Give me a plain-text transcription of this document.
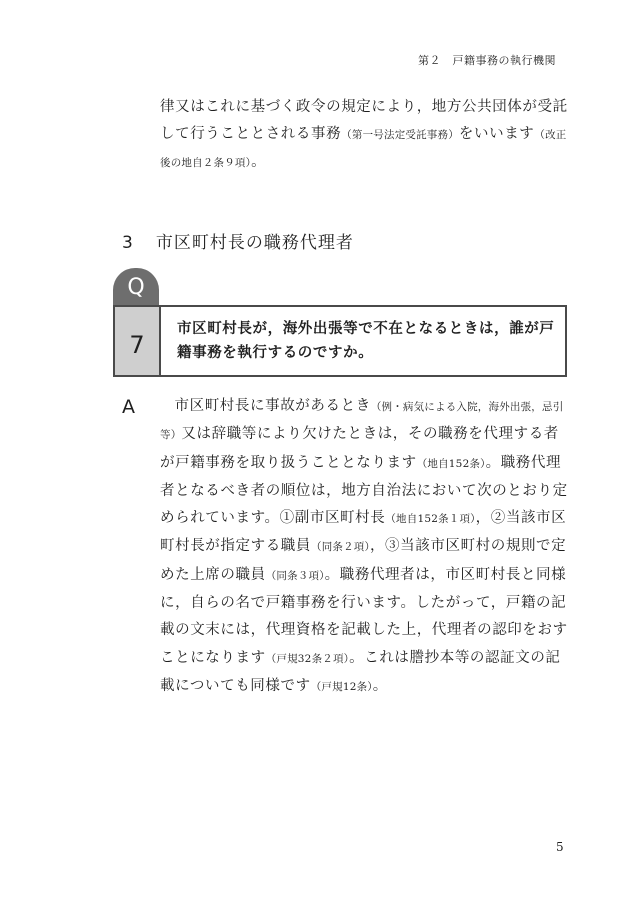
第２　戸籍事務の執行機関

律又はこれに基づく政令の規定により，地方公共団体が受託して行うこととされる事務（第一号法定受託事務）をいいます（改正後の地自２条９項）。

3 市区町村長の職務代理者
Q
7

市区町村長が，海外出張等で不在となるときは，誰が戸籍事務を執行するのですか。

A	市区町村長に事故があるとき（例・病気による入院，海外出張，忌引等）又は辞職等により欠けたときは，その職務を代理する者が戸籍事務を取り扱うこととなります（地自152条）。職務代理者となるべき者の順位は，地方自治法において次のとおり定められています。①副市区町村長（地自152条１項），②当該市区町村長が指定する職員（同条２項），③当該市区町村の規則で定めた上席の職員（同条３項）。職務代理者は，市区町村長と同様に，自らの名で戸籍事務を行います。したがって，戸籍の記載の文末には，代理資格を記載した上，代理者の認印をおすことになります（戸規32条２項）。これは謄抄本等の認証文の記載についても同様です（戸規12条）。

5
